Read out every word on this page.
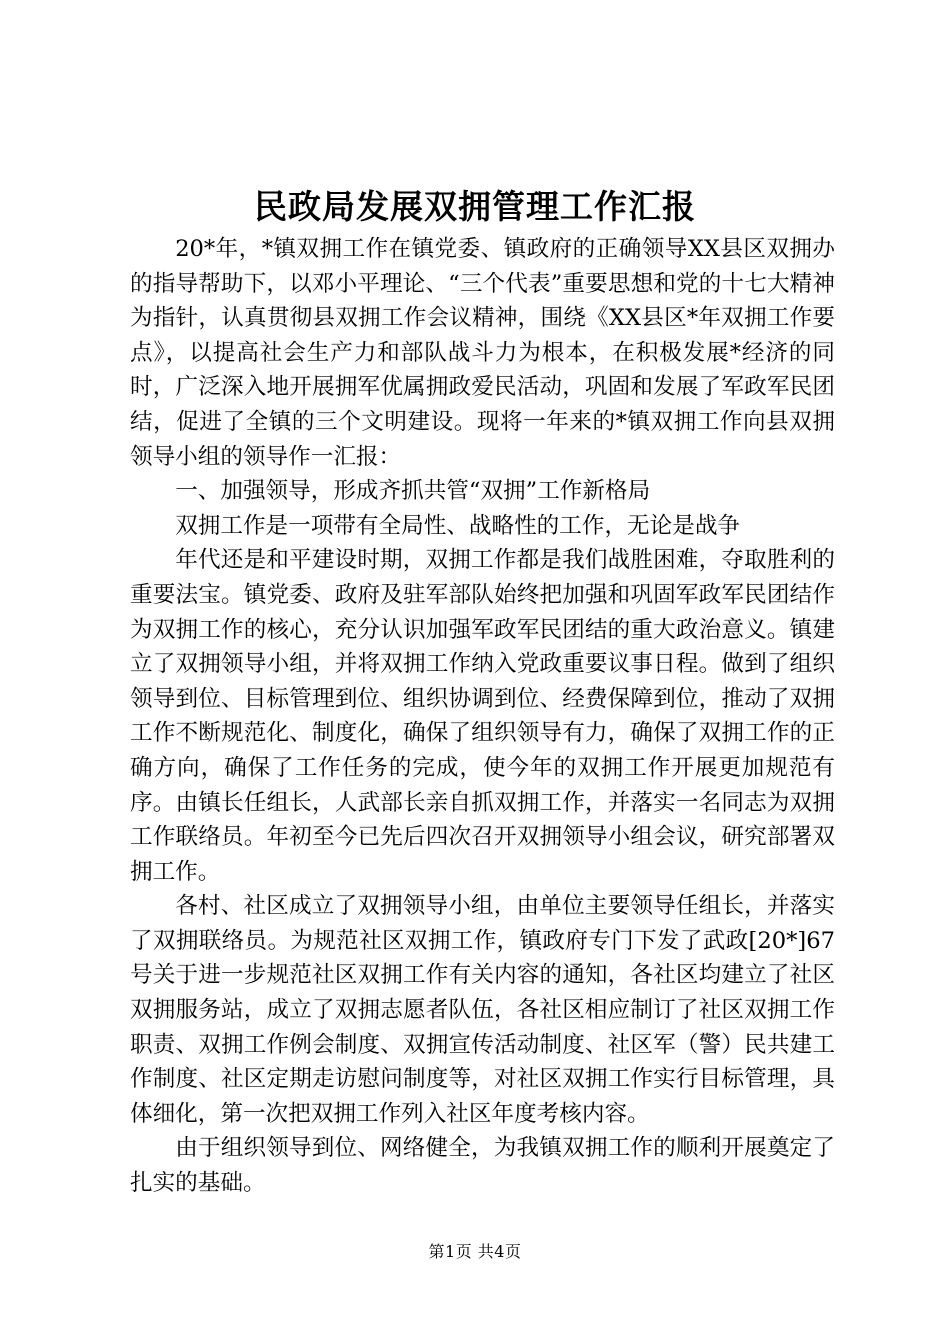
民政局发展双拥管理工作汇报

20*年，*镇双拥工作在镇党委、镇政府的正确领导XX县区双拥办的指导帮助下，以邓小平理论、“三个代表”重要思想和党的十七大精神为指针，认真贯彻县双拥工作会议精神，围绕《XX县区*年双拥工作要点》，以提高社会生产力和部队战斗力为根本，在积极发展*经济的同时，广泛深入地开展拥军优属拥政爱民活动，巩固和发展了军政军民团结，促进了全镇的三个文明建设。现将一年来的*镇双拥工作向县双拥领导小组的领导作一汇报：

一、加强领导，形成齐抓共管“双拥”工作新格局

双拥工作是一项带有全局性、战略性的工作，无论是战争

年代还是和平建设时期，双拥工作都是我们战胜困难，夺取胜利的重要法宝。镇党委、政府及驻军部队始终把加强和巩固军政军民团结作为双拥工作的核心，充分认识加强军政军民团结的重大政治意义。镇建立了双拥领导小组，并将双拥工作纳入党政重要议事日程。做到了组织领导到位、目标管理到位、组织协调到位、经费保障到位，推动了双拥工作不断规范化、制度化，确保了组织领导有力，确保了双拥工作的正确方向，确保了工作任务的完成，使今年的双拥工作开展更加规范有序。由镇长任组长，人武部长亲自抓双拥工作，并落实一名同志为双拥工作联络员。年初至今已先后四次召开双拥领导小组会议，研究部署双拥工作。

各村、社区成立了双拥领导小组，由单位主要领导任组长，并落实了双拥联络员。为规范社区双拥工作，镇政府专门下发了武政[20*]67号关于进一步规范社区双拥工作有关内容的通知，各社区均建立了社区双拥服务站，成立了双拥志愿者队伍，各社区相应制订了社区双拥工作职责、双拥工作例会制度、双拥宣传活动制度、社区军（警）民共建工作制度、社区定期走访慰问制度等，对社区双拥工作实行目标管理，具体细化，第一次把双拥工作列入社区年度考核内容。

由于组织领导到位、网络健全，为我镇双拥工作的顺利开展奠定了扎实的基础。

第1页 共4页
